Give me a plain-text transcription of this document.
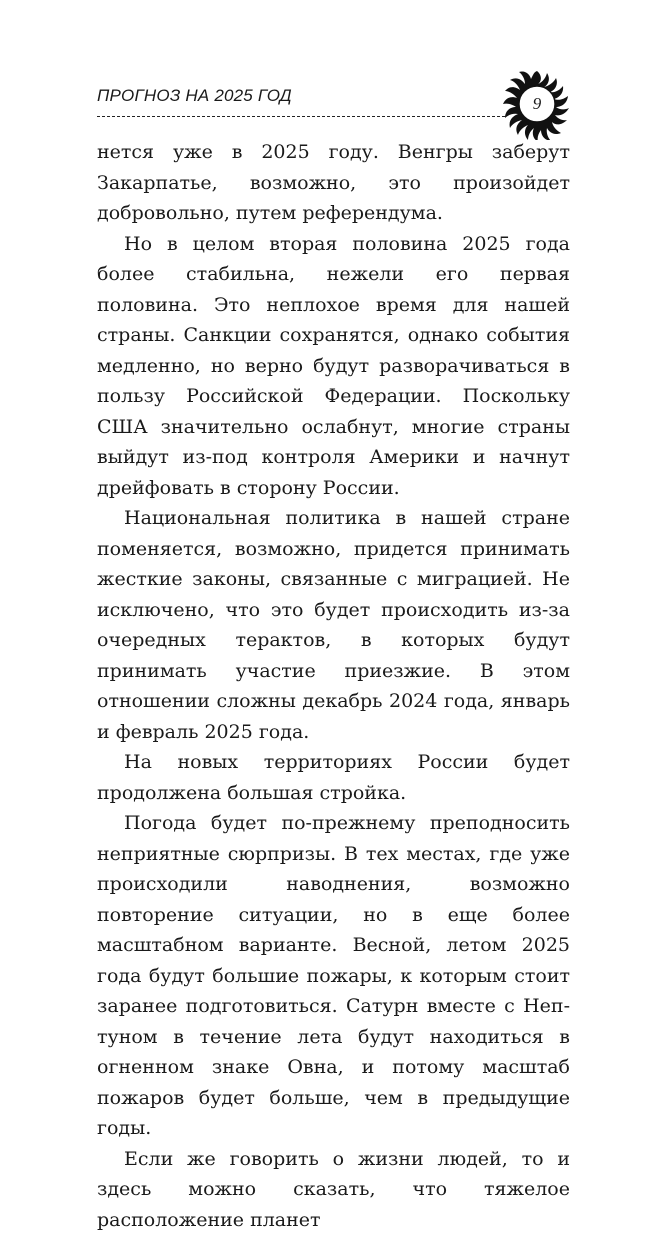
ПРОГНОЗ НА 2025 ГОД	9

нется уже в 2025 году. Венгры заберут Закарпатье, возможно, это произойдет добровольно, путем референдума.

Но в целом вторая половина 2025 года более стабильна, нежели его первая половина. Это неплохое время для нашей страны. Санкции сохранятся, однако события медленно, но верно будут разворачиваться в пользу Российской Федерации. Поскольку США значительно ослабнут, многие страны выйдут из-под контроля Америки и начнут дрейфовать в сторону России.

Национальная политика в нашей стране поменяется, возможно, придется принимать жесткие законы, связанные с миграцией. Не исключено, что это будет происходить из-за очередных терактов, в которых будут принимать участие приезжие. В этом отношении сложны декабрь 2024 года, январь и февраль 2025 года.

На новых территориях России будет продолжена большая стройка.

Погода будет по-прежнему преподносить неприятные сюрпризы. В тех местах, где уже происходили наводнения, возможно повторение ситуации, но в еще более масштабном варианте. Весной, летом 2025 года будут большие пожары, к которым стоит заранее подготовиться. Сатурн вместе с Нептуном в течение лета будут находиться в огненном знаке Овна, и потому масштаб пожаров будет больше, чем в предыдущие годы.

Если же говорить о жизни людей, то и здесь можно сказать, что тяжелое расположение планет
